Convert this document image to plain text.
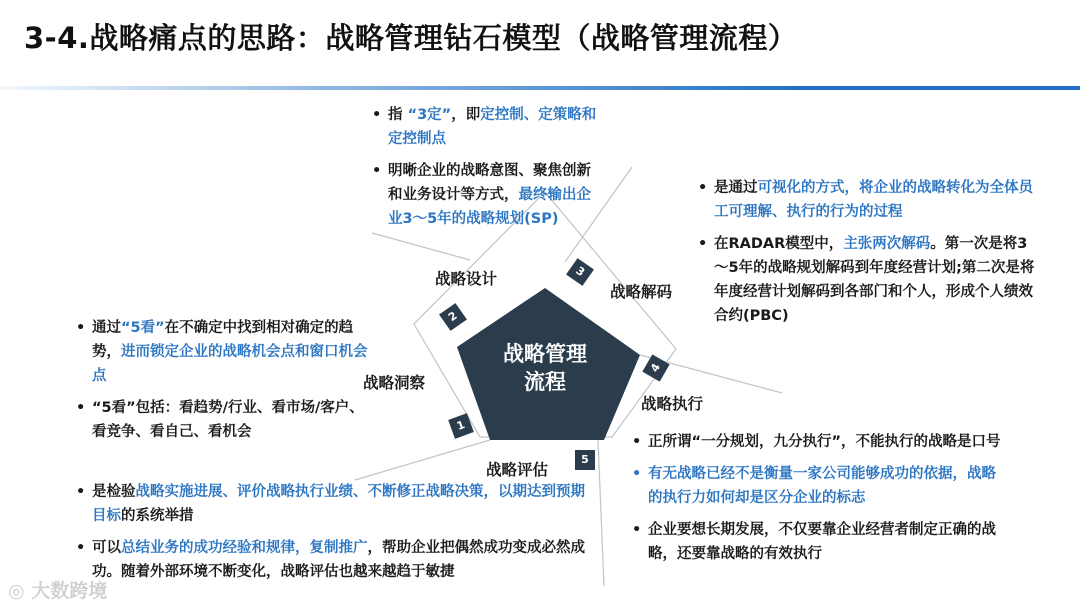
3-4.战略痛点的思路：战略管理钻石模型（战略管理流程）
战略管理
流程
2
3
4
1
5
战略设计
战略解码
战略洞察
战略执行
战略评估
• 指 “3定”，即定控制、定策略和定控制点
• 明晰企业的战略意图、聚焦创新和业务设计等方式，最终输出企业3～5年的战略规划(SP)
• 是通过可视化的方式，将企业的战略转化为全体员工可理解、执行的行为的过程
• 在RADAR模型中，主张两次解码。第一次是将3～5年的战略规划解码到年度经营计划;第二次是将年度经营计划解码到各部门和个人，形成个人绩效合约(PBC)
• 通过“5看”在不确定中找到相对确定的趋势，进而锁定企业的战略机会点和窗口机会点
• “5看”包括：看趋势/行业、看市场/客户、看竞争、看自己、看机会
• 正所谓“一分规划，九分执行”，不能执行的战略是口号
• 有无战略已经不是衡量一家公司能够成功的依据，战略的执行力如何却是区分企业的标志
• 企业要想长期发展，不仅要靠企业经营者制定正确的战略，还要靠战略的有效执行
• 是检验战略实施进展、评价战略执行业绩、不断修正战略决策，以期达到预期目标的系统举措
• 可以总结业务的成功经验和规律，复制推广，帮助企业把偶然成功变成必然成功。随着外部环境不断变化，战略评估也越来越趋于敏捷
◎ 大数跨境
